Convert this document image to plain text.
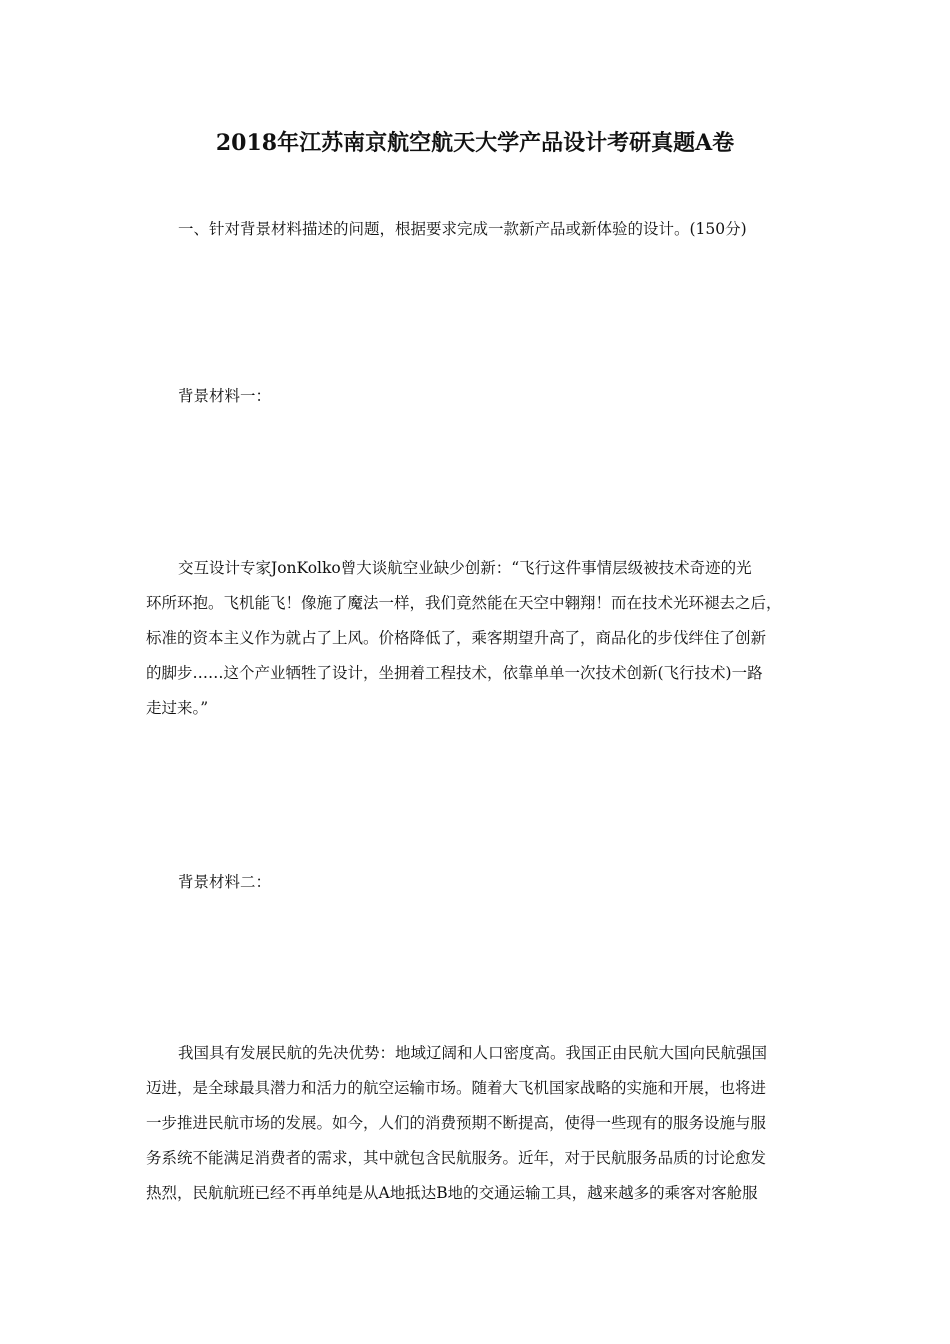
2018年江苏南京航空航天大学产品设计考研真题A卷
一、针对背景材料描述的问题，根据要求完成一款新产品或新体验的设计。(150分)
背景材料一：
交互设计专家JonKolko曾大谈航空业缺少创新：“飞行这件事情层级被技术奇迹的光
环所环抱。飞机能飞！像施了魔法一样，我们竟然能在天空中翱翔！而在技术光环褪去之后，
标准的资本主义作为就占了上风。价格降低了，乘客期望升高了，商品化的步伐绊住了创新
的脚步……这个产业牺牲了设计，坐拥着工程技术，依靠单单一次技术创新(飞行技术)一路
走过来。”
背景材料二：
我国具有发展民航的先决优势：地域辽阔和人口密度高。我国正由民航大国向民航强国
迈进，是全球最具潜力和活力的航空运输市场。随着大飞机国家战略的实施和开展，也将进
一步推进民航市场的发展。如今，人们的消费预期不断提高，使得一些现有的服务设施与服
务系统不能满足消费者的需求，其中就包含民航服务。近年，对于民航服务品质的讨论愈发
热烈，民航航班已经不再单纯是从A地抵达B地的交通运输工具，越来越多的乘客对客舱服
